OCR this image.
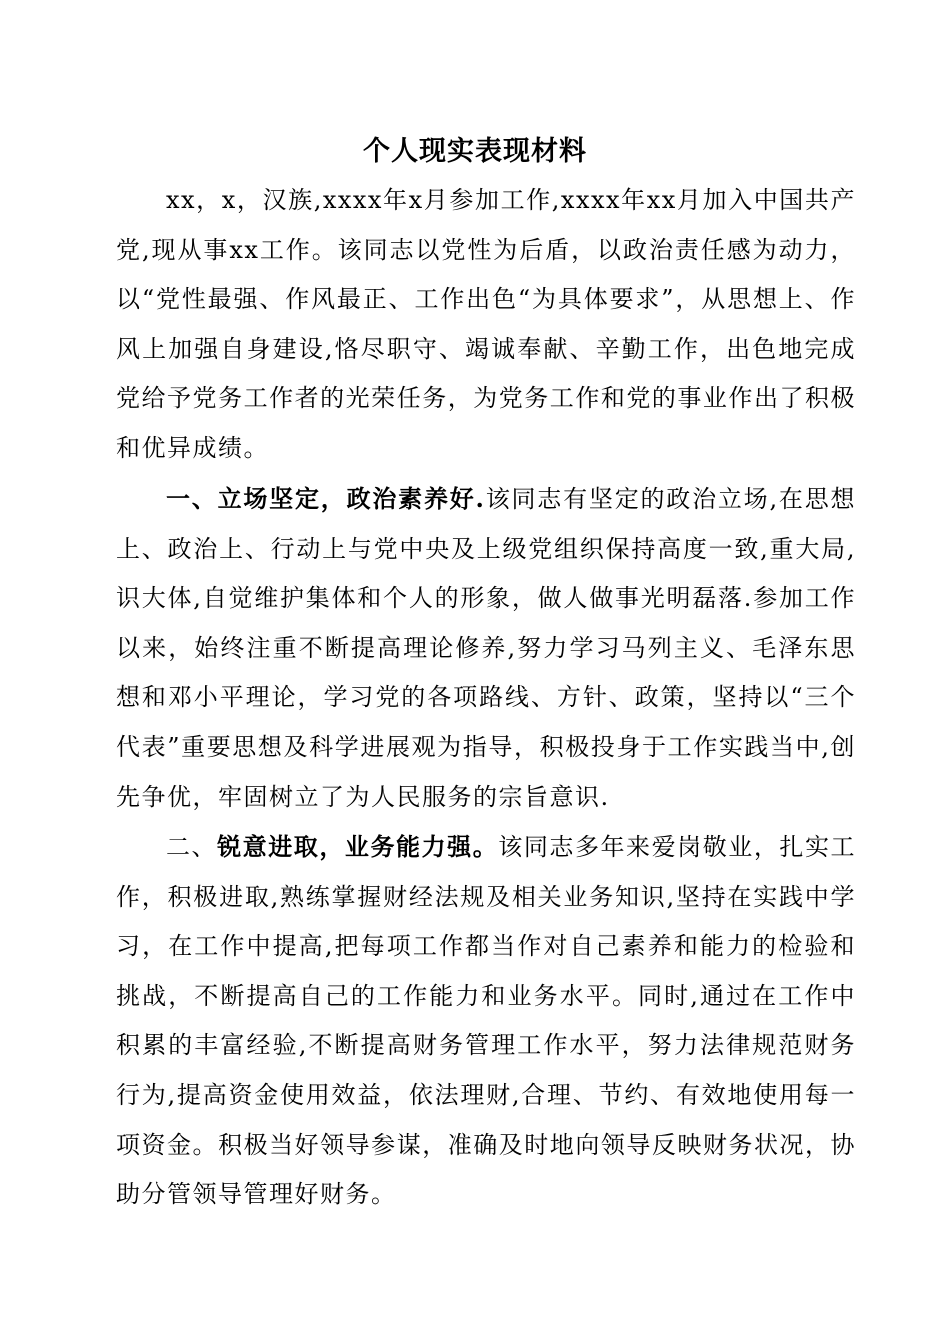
个人现实表现材料

xx，x，汉族,xxxx年x月参加工作,xxxx年xx月加入中国共产党,现从事xx工作。该同志以党性为后盾，以政治责任感为动力，以“党性最强、作风最正、工作出色“为具体要求”，从思想上、作风上加强自身建设,恪尽职守、竭诚奉献、辛勤工作，出色地完成党给予党务工作者的光荣任务，为党务工作和党的事业作出了积极和优异成绩。

一、立场坚定，政治素养好.该同志有坚定的政治立场,在思想上、政治上、行动上与党中央及上级党组织保持高度一致,重大局,识大体,自觉维护集体和个人的形象，做人做事光明磊落.参加工作以来，始终注重不断提高理论修养,努力学习马列主义、毛泽东思想和邓小平理论，学习党的各项路线、方针、政策，坚持以“三个代表”重要思想及科学进展观为指导，积极投身于工作实践当中,创先争优，牢固树立了为人民服务的宗旨意识.

二、锐意进取，业务能力强。该同志多年来爱岗敬业，扎实工作，积极进取,熟练掌握财经法规及相关业务知识,坚持在实践中学习，在工作中提高,把每项工作都当作对自己素养和能力的检验和挑战，不断提高自己的工作能力和业务水平。同时,通过在工作中积累的丰富经验,不断提高财务管理工作水平，努力法律规范财务行为,提高资金使用效益，依法理财,合理、节约、有效地使用每一项资金。积极当好领导参谋，准确及时地向领导反映财务状况，协助分管领导管理好财务。
